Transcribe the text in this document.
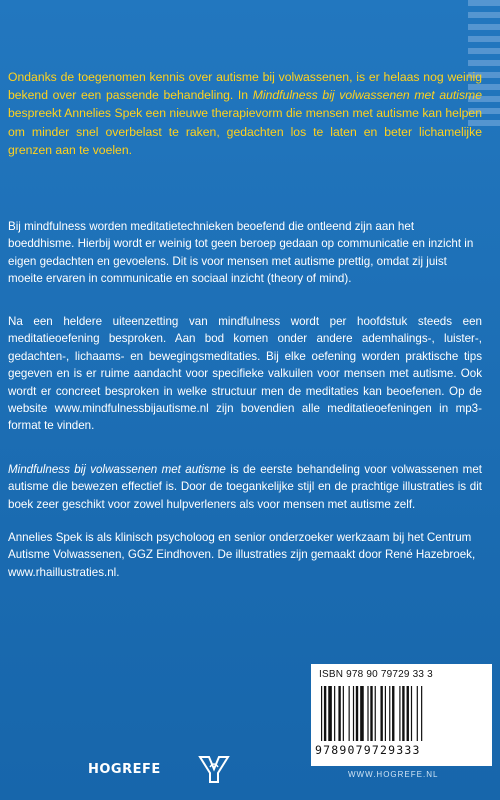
Ondanks de toegenomen kennis over autisme bij volwassenen, is er helaas nog weinig bekend over een passende behandeling. In Mindfulness bij volwassenen met autisme bespreekt Annelies Spek een nieuwe therapievorm die mensen met autisme kan helpen om minder snel overbelast te raken, gedachten los te laten en beter lichamelijke grenzen aan te voelen.

Bij mindfulness worden meditatietechnieken beoefend die ontleend zijn aan het boeddhisme. Hierbij wordt er weinig tot geen beroep gedaan op communicatie en inzicht in eigen gedachten en gevoelens. Dit is voor mensen met autisme prettig, omdat zij juist moeite ervaren in communicatie en sociaal inzicht (theory of mind).

Na een heldere uiteenzetting van mindfulness wordt per hoofdstuk steeds een meditatieoefening besproken. Aan bod komen onder andere ademhalings-, luister-, gedachten-, lichaams- en bewegingsmeditaties. Bij elke oefening worden praktische tips gegeven en is er ruime aandacht voor specifieke valkuilen voor mensen met autisme. Ook wordt er concreet besproken in welke structuur men de meditaties kan beoefenen. Op de website www.mindfulnessbijautisme.nl zijn bovendien alle meditatieoefeningen in mp3-format te vinden.

Mindfulness bij volwassenen met autisme is de eerste behandeling voor volwassenen met autisme die bewezen effectief is. Door de toegankelijke stijl en de prachtige illustraties is dit boek zeer geschikt voor zowel hulpverleners als voor mensen met autisme zelf.

Annelies Spek is als klinisch psycholoog en senior onderzoeker werkzaam bij het Centrum Autisme Volwassenen, GGZ Eindhoven. De illustraties zijn gemaakt door René Hazebroek, www.rhaillustraties.nl.

ISBN 978 90 79729 33 3
9789079729333
HOGREFE	WWW.HOGREFE.NL
